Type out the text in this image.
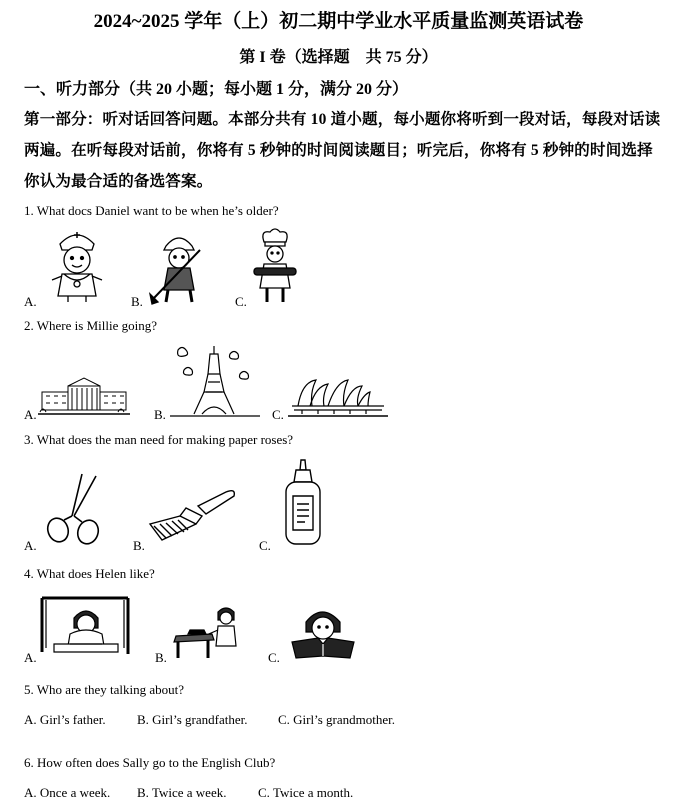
2024~2025 学年（上）初二期中学业水平质量监测英语试卷
第 I 卷（选择题　共 75 分）
一、听力部分（共 20 小题；每小题 1 分，满分 20 分）
第一部分：听对话回答问题。本部分共有 10 道小题，每小题你将听到一段对话，每段对话读两遍。在听每段对话前，你将有 5 秒钟的时间阅读题目；听完后，你将有 5 秒钟的时间选择你认为最合适的备选答案。
1. What docs Daniel want to be when he’s older?
A.	B.	C.
2. Where is Millie going?
A.	B.	C.
3. What does the man need for making paper roses?
A.	B.	C.
4. What does Helen like?
A.	B.	C.
5. Who are they talking about?
A. Girl’s father. B. Girl’s grandfather. C. Girl’s grandmother.
6. How often does Sally go to the English Club?
A. Once a week. B. Twice a week. C. Twice a month.
